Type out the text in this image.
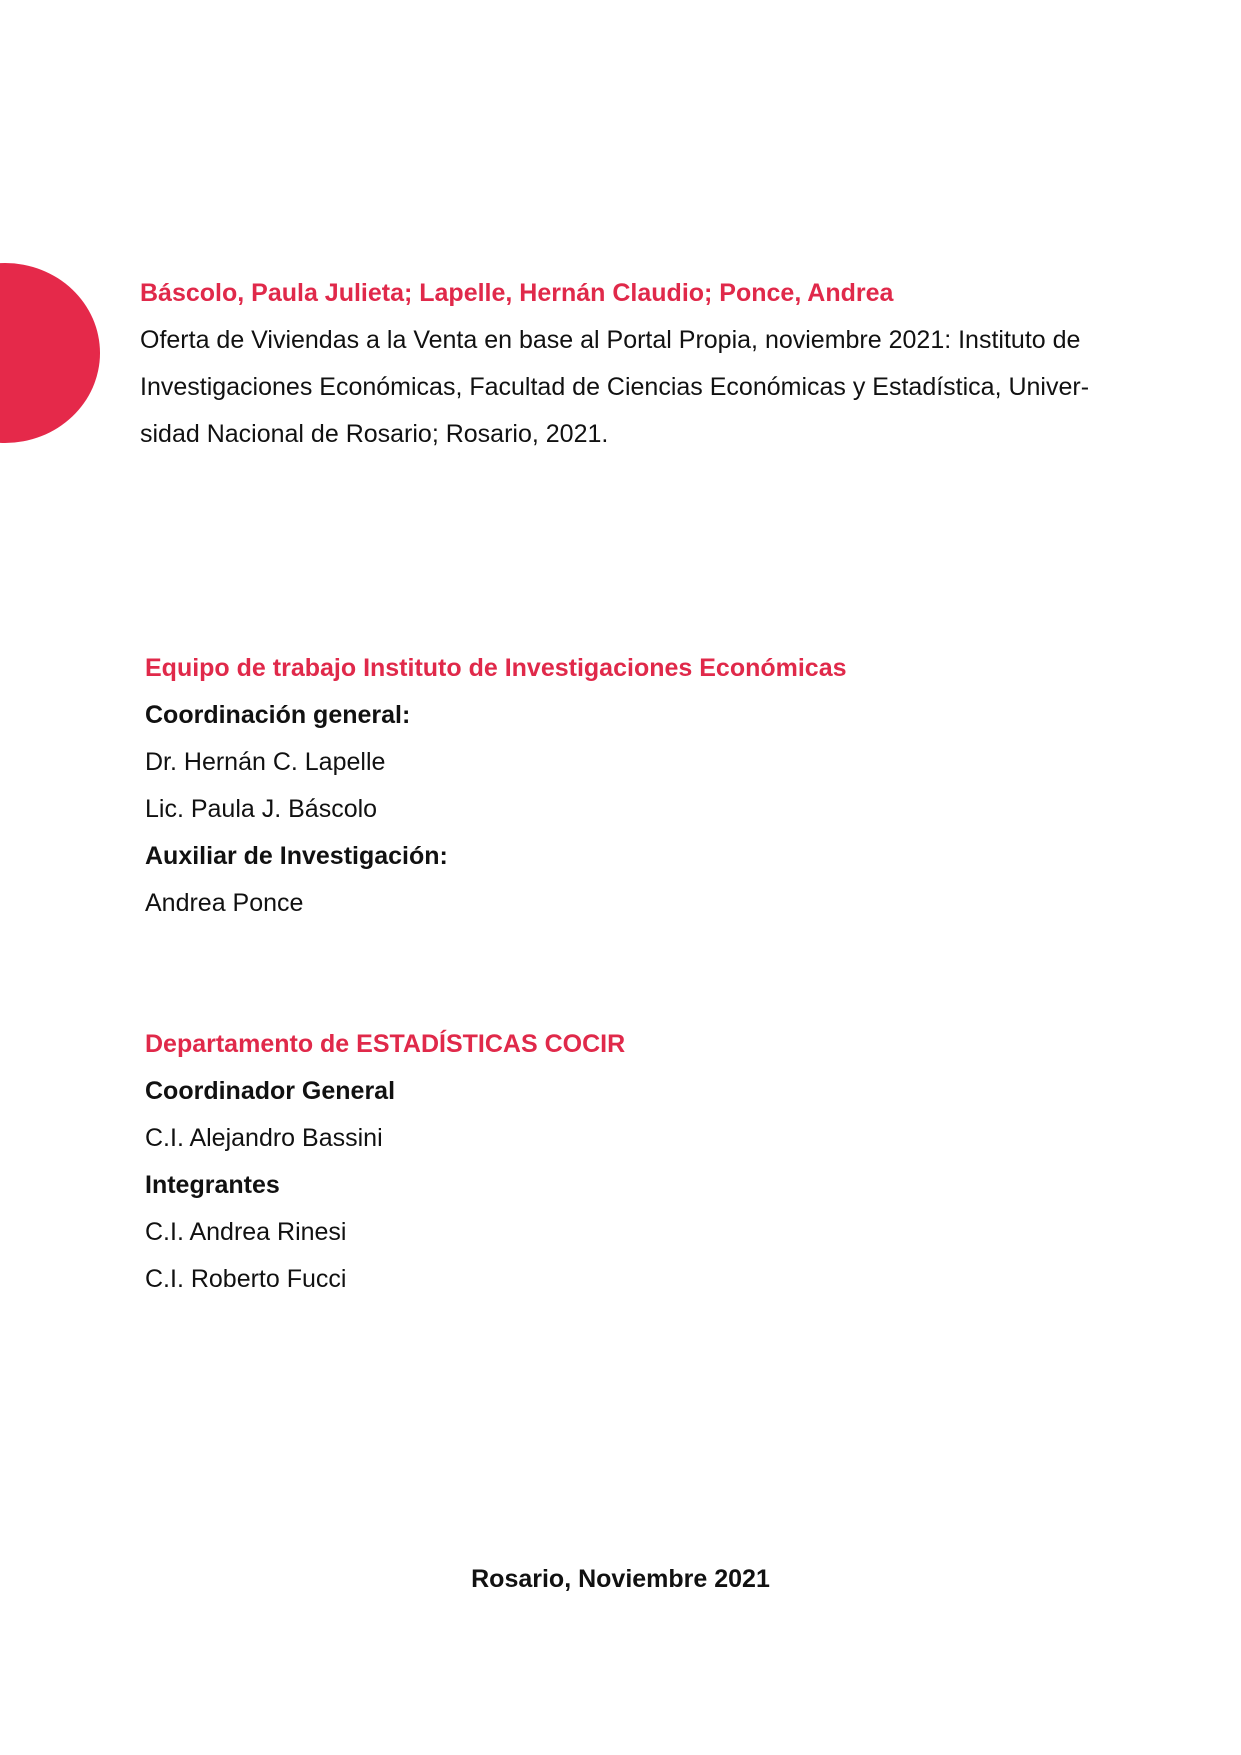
Báscolo, Paula Julieta; Lapelle, Hernán Claudio; Ponce, Andrea
Oferta de Viviendas a la Venta en base al Portal Propia, noviembre 2021: Instituto de
Investigaciones Económicas, Facultad de Ciencias Económicas y Estadística, Univer-
sidad Nacional de Rosario; Rosario, 2021.
Equipo de trabajo Instituto de Investigaciones Económicas
Coordinación general:
Dr. Hernán C. Lapelle
Lic. Paula J. Báscolo
Auxiliar de Investigación:
Andrea Ponce
Departamento de ESTADÍSTICAS COCIR
Coordinador General
C.I. Alejandro Bassini
Integrantes
C.I. Andrea Rinesi
C.I. Roberto Fucci
Rosario, Noviembre 2021
